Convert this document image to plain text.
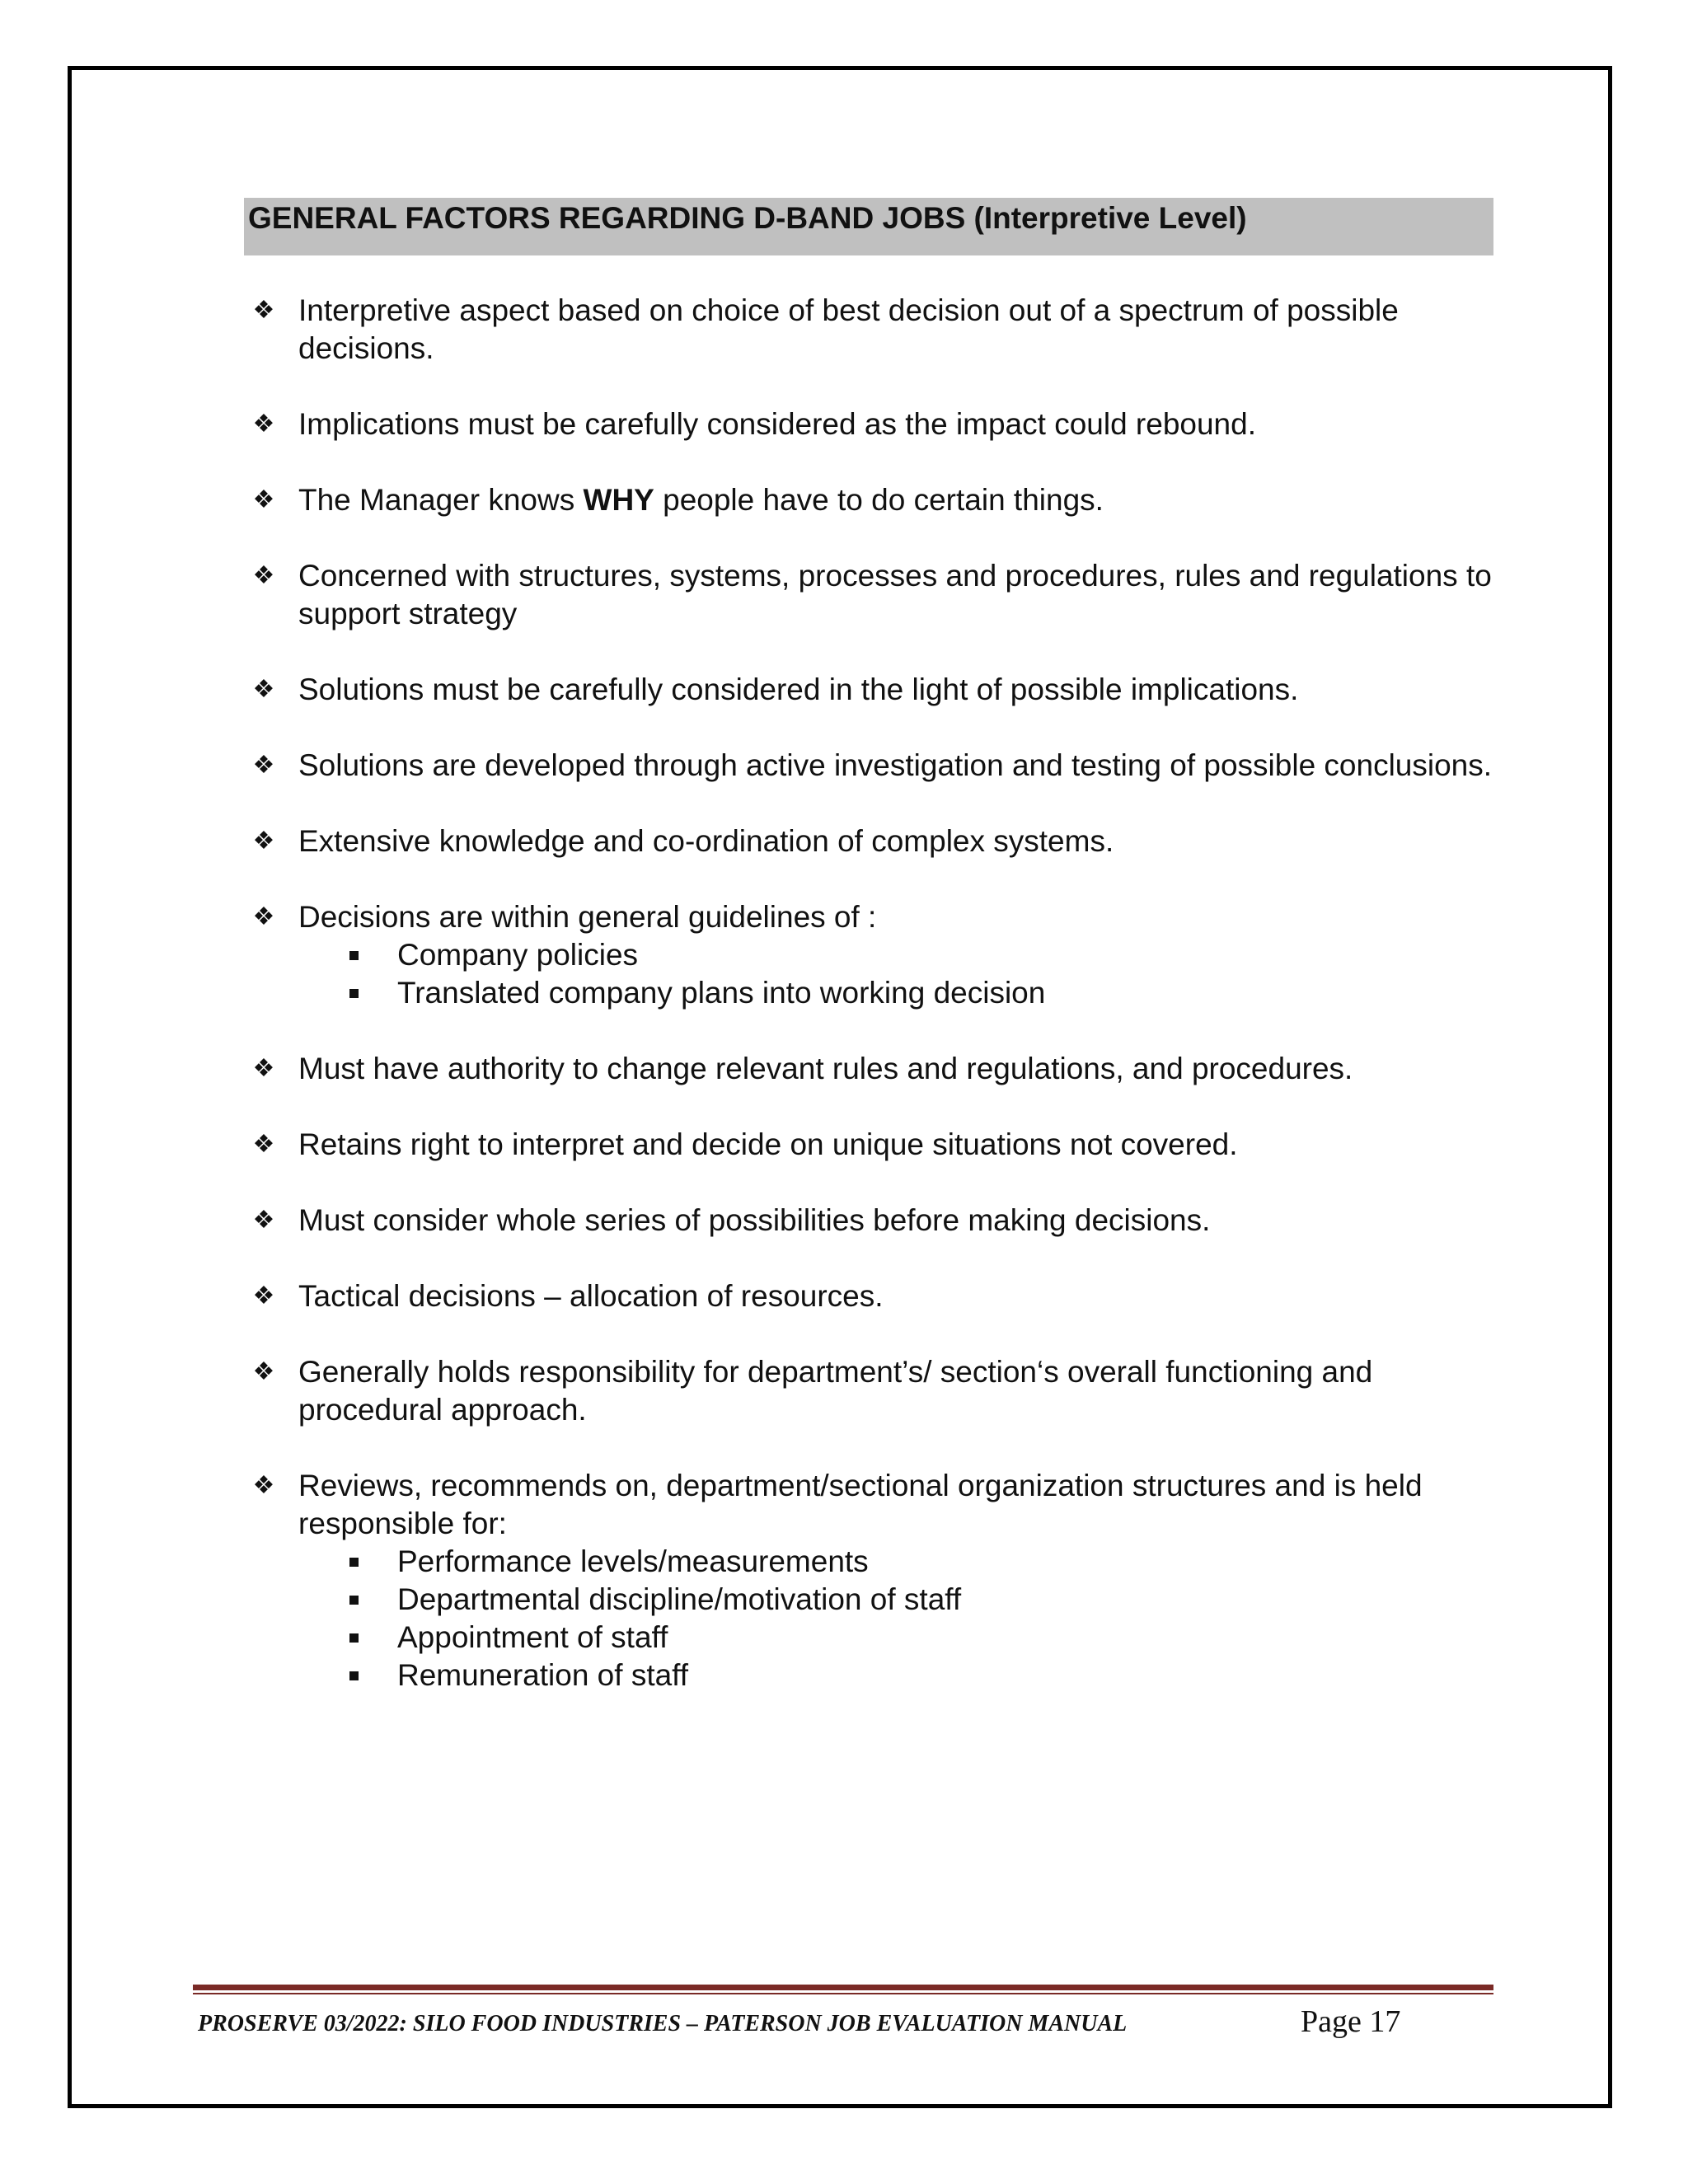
GENERAL FACTORS REGARDING D-BAND JOBS (Interpretive Level)
❖ Interpretive aspect based on choice of best decision out of a spectrum of possible decisions.
❖ Implications must be carefully considered as the impact could rebound.
❖ The Manager knows WHY people have to do certain things.
❖ Concerned with structures, systems, processes and procedures, rules and regulations to support strategy
❖ Solutions must be carefully considered in the light of possible implications.
❖ Solutions are developed through active investigation and testing of possible conclusions.
❖ Extensive knowledge and co-ordination of complex systems.
❖ Decisions are within general guidelines of :
Company policies
Translated company plans into working decision
❖ Must have authority to change relevant rules and regulations, and procedures.
❖ Retains right to interpret and decide on unique situations not covered.
❖ Must consider whole series of possibilities before making decisions.
❖ Tactical decisions – allocation of resources.
❖ Generally holds responsibility for department’s/ section‘s overall functioning and procedural approach.
❖ Reviews, recommends on, department/sectional organization structures and is held responsible for:
Performance levels/measurements
Departmental discipline/motivation of staff
Appointment of staff
Remuneration of staff
PROSERVE 03/2022: SILO FOOD INDUSTRIES – PATERSON JOB EVALUATION MANUAL	Page 17
